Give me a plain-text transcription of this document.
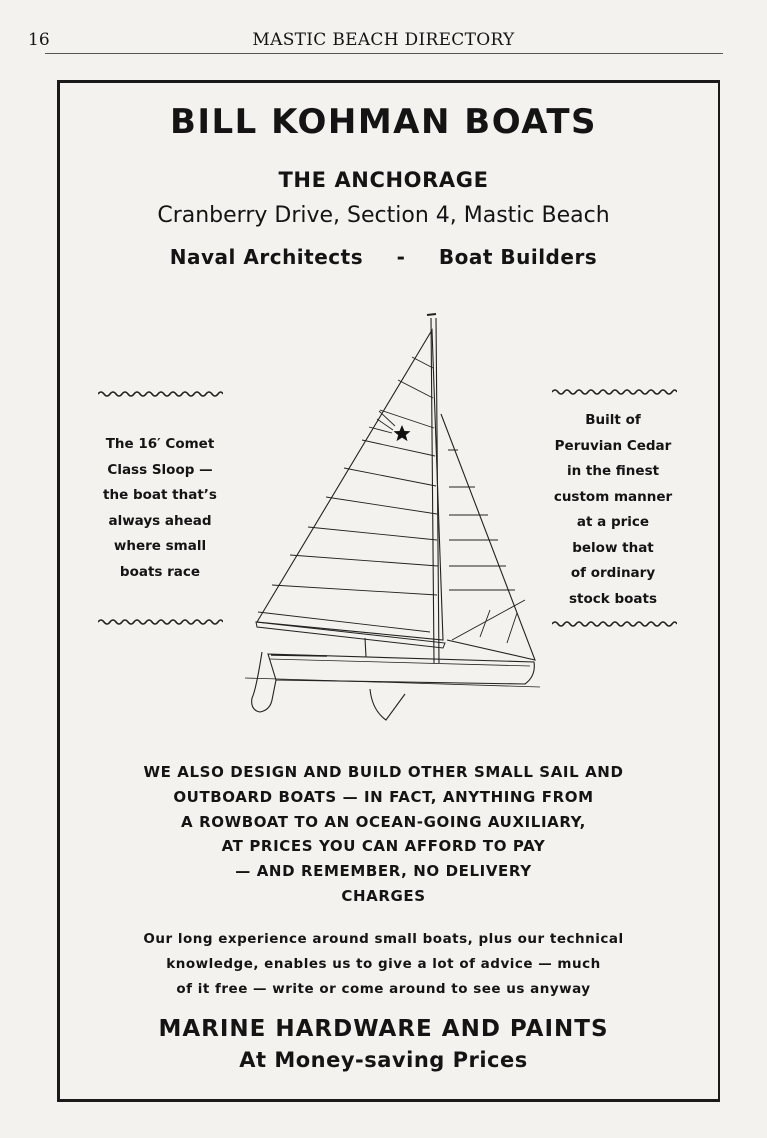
16	MASTIC BEACH DIRECTORY
BILL KOHMAN BOATS
THE ANCHORAGE
Cranberry Drive, Section 4, Mastic Beach
Naval Architects - Boat Builders
The 16′ Comet
Class Sloop —
the boat that’s
always ahead
where small
boats race
Built of
Peruvian Cedar
in the finest
custom manner
at a price
below that
of ordinary
stock boats
WE ALSO DESIGN AND BUILD OTHER SMALL SAIL AND
OUTBOARD BOATS — IN FACT, ANYTHING FROM
A ROWBOAT TO AN OCEAN-GOING AUXILIARY,
AT PRICES YOU CAN AFFORD TO PAY
— AND REMEMBER, NO DELIVERY
CHARGES
Our long experience around small boats, plus our technical
knowledge, enables us to give a lot of advice — much
of it free — write or come around to see us anyway
MARINE HARDWARE AND PAINTS
At Money-saving Prices
